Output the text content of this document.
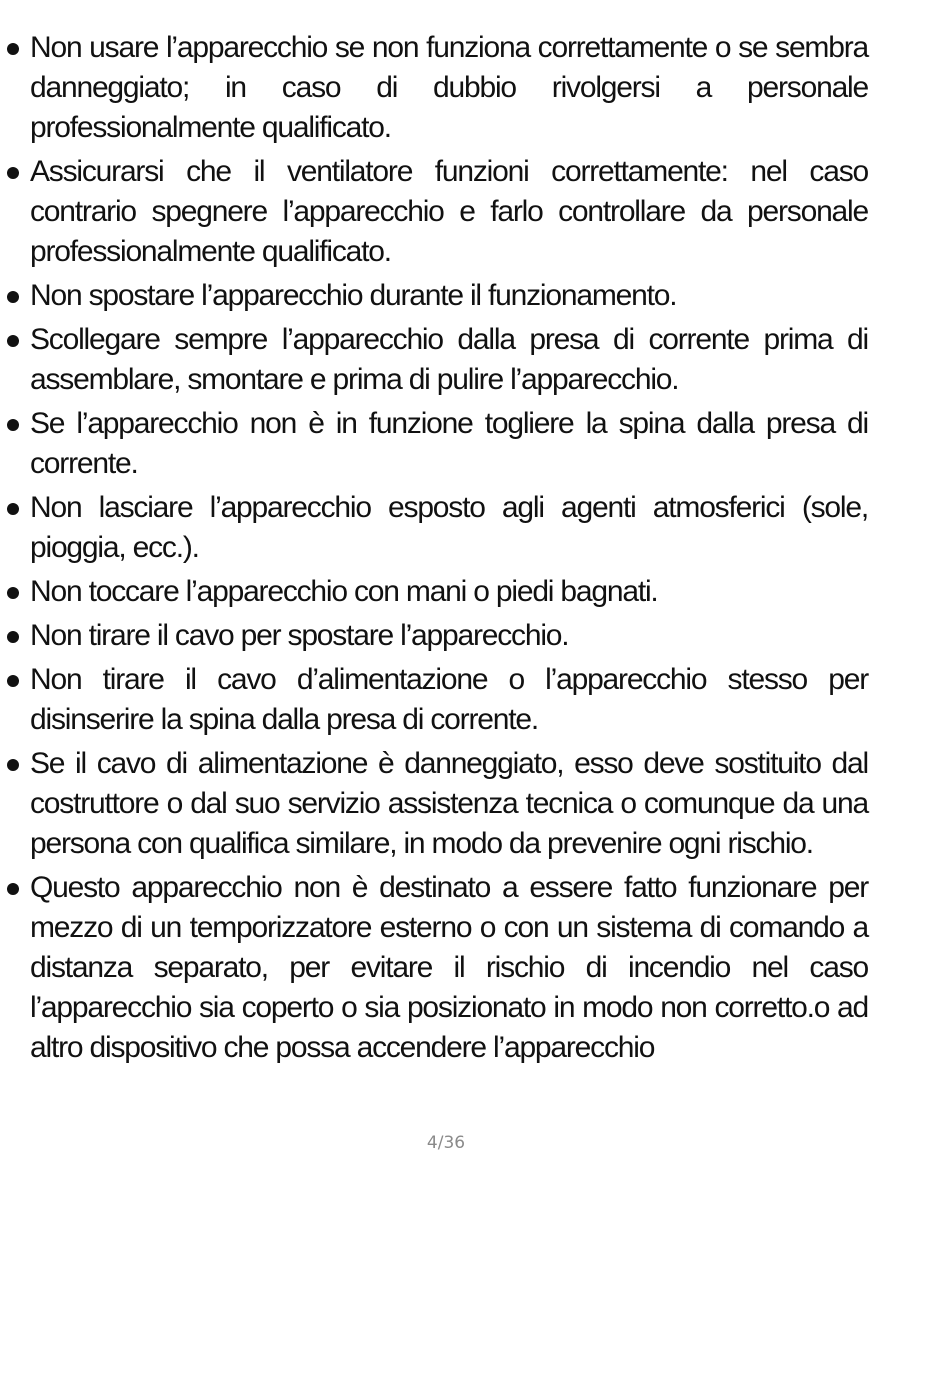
Non usare l’apparecchio se non funziona correttamente o se sembra danneggiato; in caso di dubbio rivolgersi a personale professionalmente qualificato.
Assicurarsi che il ventilatore funzioni correttamente: nel caso contrario spegnere l’apparecchio e farlo controllare da personale professionalmente qualificato.
Non spostare l’apparecchio durante il funzionamento.
Scollegare sempre l’apparecchio dalla presa di corrente prima di assemblare, smontare e prima di pulire l’apparecchio.
Se l’apparecchio non è in funzione togliere la spina dalla presa di corrente.
Non lasciare l’apparecchio esposto agli agenti atmosferici (sole, pioggia, ecc.).
Non toccare l’apparecchio con mani o piedi bagnati.
Non tirare il cavo per spostare l’apparecchio.
Non tirare il cavo d’alimentazione o l’apparecchio stesso per disinserire la spina dalla presa di corrente.
Se il cavo di alimentazione è danneggiato, esso deve sostituito dal costruttore o dal suo servizio assistenza tecnica o comunque da una persona con qualifica similare, in modo da prevenire ogni rischio.
Questo apparecchio non è destinato a essere fatto funzionare per mezzo di un temporizzatore esterno o con un sistema di comando a distanza separato, per evitare il rischio di incendio nel caso l’apparecchio sia coperto o sia posizionato in modo non corretto.o ad altro dispositivo che possa accendere l’apparecchio
4/36
